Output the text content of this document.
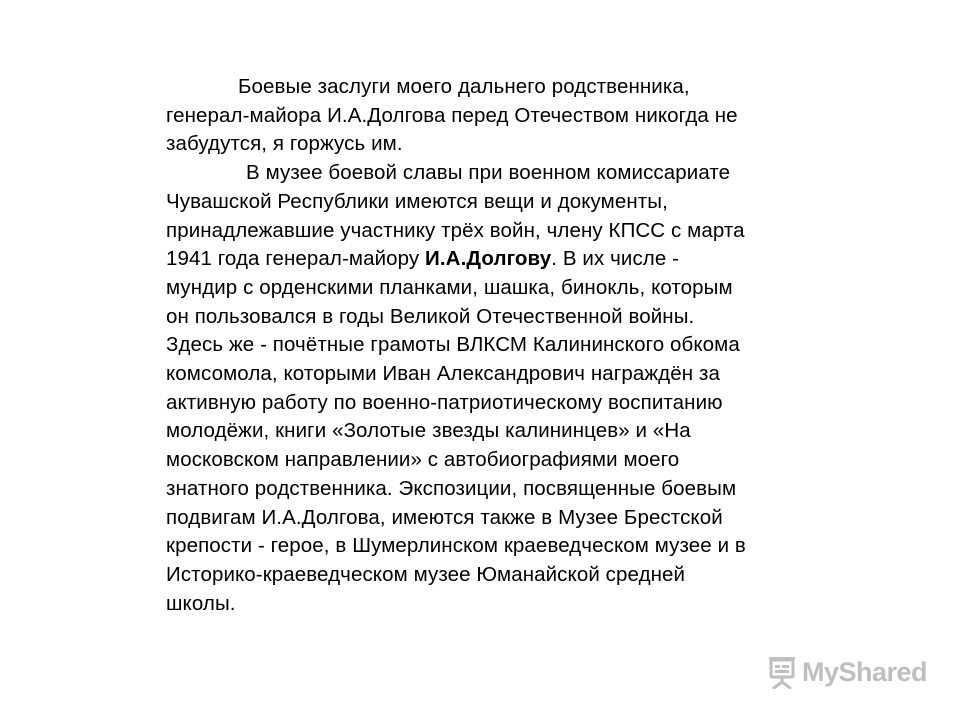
Боевые заслуги моего дальнего родственника,
генерал-майора И.А.Долгова перед Отечеством никогда не
забудутся, я горжусь им.
В музее боевой славы при военном комиссариате
Чувашской Республики имеются вещи и документы,
принадлежавшие участнику трёх войн, члену КПСС с марта
1941 года генерал-майору И.А.Долгову. В их числе -
мундир с орденскими планками, шашка, бинокль, которым
он пользовался в годы Великой Отечественной войны.
Здесь же - почётные грамоты ВЛКСМ Калининского обкома
комсомола, которыми Иван Александрович награждён за
активную работу по военно-патриотическому воспитанию
молодёжи, книги «Золотые звезды калининцев» и «На
московском направлении» с автобиографиями моего
знатного родственника. Экспозиции, посвященные боевым
подвигам И.А.Долгова, имеются также в Музее Брестской
крепости - герое, в Шумерлинском краеведческом музее и в
Историко-краеведческом музее Юманайской средней
школы.
MyShared
